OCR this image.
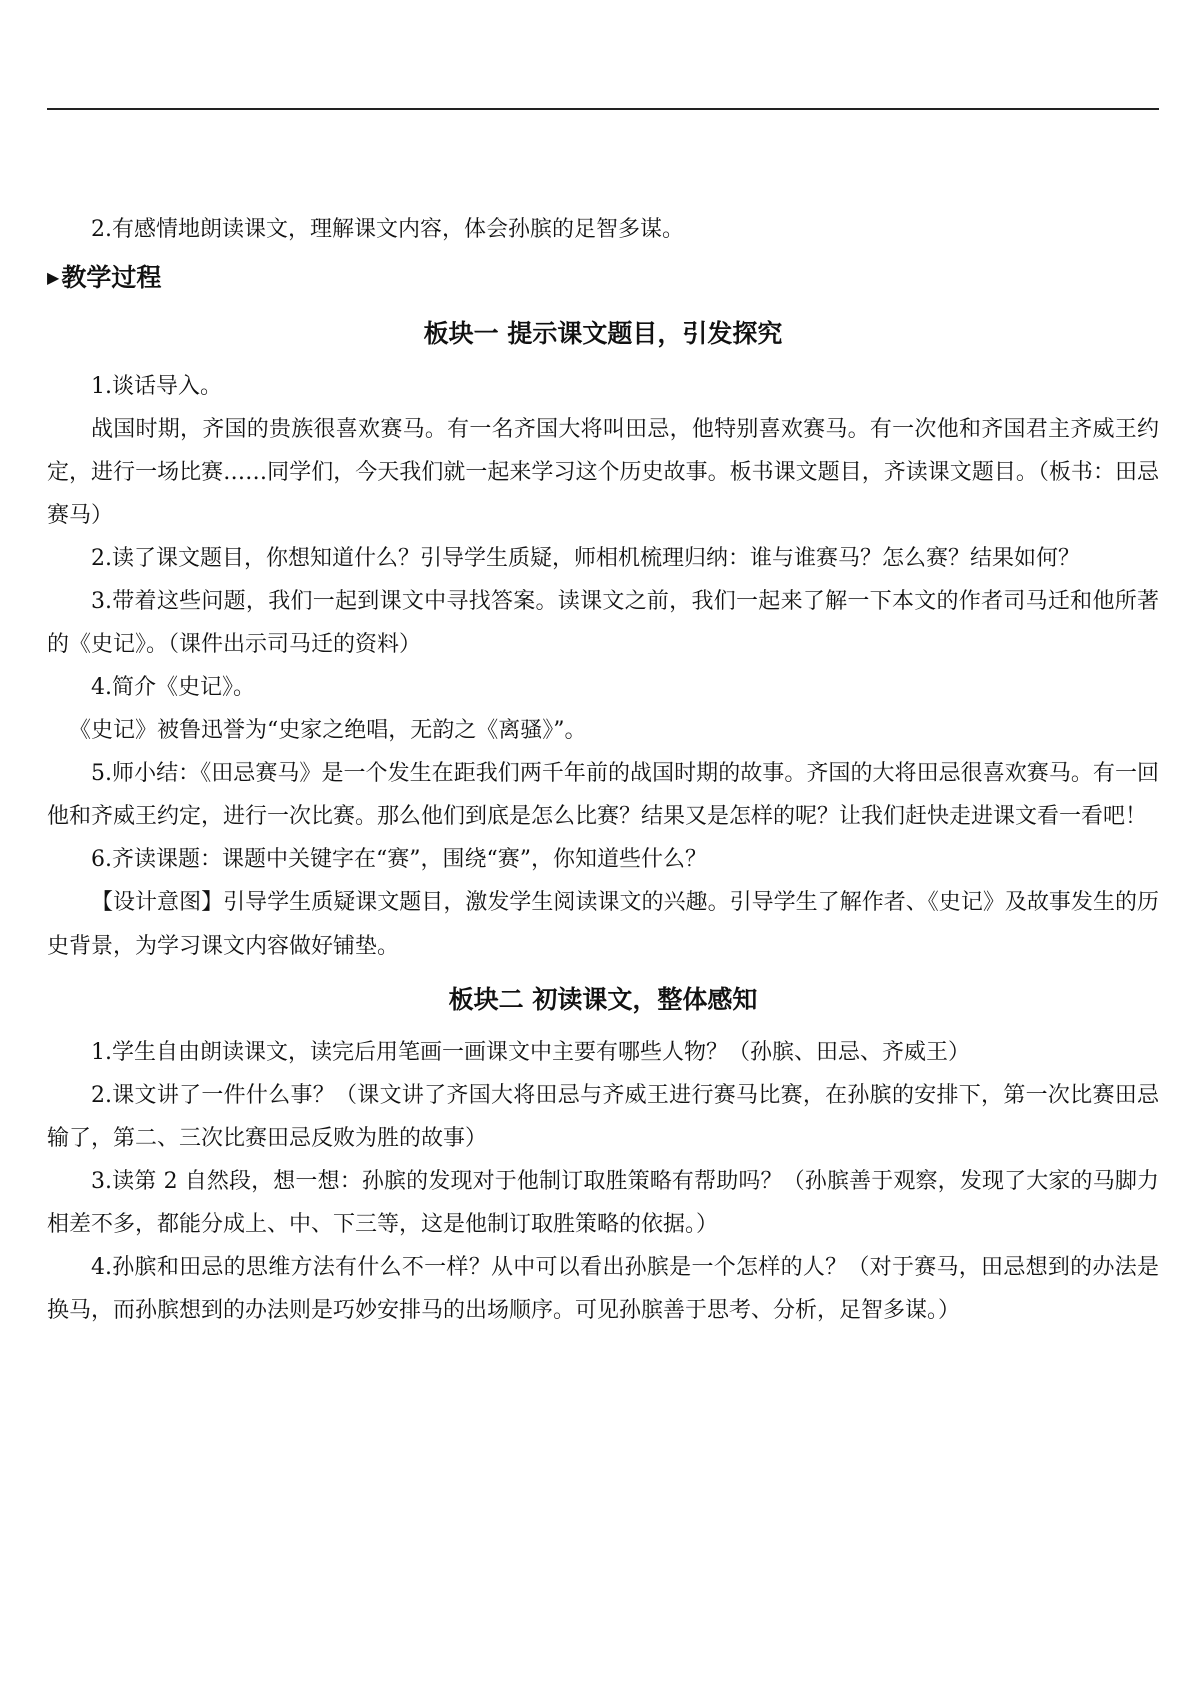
2.有感情地朗读课文，理解课文内容，体会孙膑的足智多谋。

▶教学过程
板块一 提示课文题目，引发探究

1.谈话导入。

战国时期，齐国的贵族很喜欢赛马。有一名齐国大将叫田忌，他特别喜欢赛马。有一次他和齐国君主齐威王约定，进行一场比赛……同学们，今天我们就一起来学习这个历史故事。板书课文题目，齐读课文题目。（板书：田忌赛马）

2.读了课文题目，你想知道什么？引导学生质疑，师相机梳理归纳：谁与谁赛马？怎么赛？结果如何？

3.带着这些问题，我们一起到课文中寻找答案。读课文之前，我们一起来了解一下本文的作者司马迁和他所著的《史记》。（课件出示司马迁的资料）

4.简介《史记》。

《史记》被鲁迅誉为“史家之绝唱，无韵之《离骚》”。

5.师小结：《田忌赛马》是一个发生在距我们两千年前的战国时期的故事。齐国的大将田忌很喜欢赛马。有一回他和齐威王约定，进行一次比赛。那么他们到底是怎么比赛？结果又是怎样的呢？让我们赶快走进课文看一看吧！

6.齐读课题：课题中关键字在“赛”，围绕“赛”，你知道些什么？

【设计意图】引导学生质疑课文题目，激发学生阅读课文的兴趣。引导学生了解作者、《史记》及故事发生的历史背景，为学习课文内容做好铺垫。

板块二 初读课文，整体感知

1.学生自由朗读课文，读完后用笔画一画课文中主要有哪些人物？（孙膑、田忌、齐威王）

2.课文讲了一件什么事？（课文讲了齐国大将田忌与齐威王进行赛马比赛，在孙膑的安排下，第一次比赛田忌输了，第二、三次比赛田忌反败为胜的故事）

3.读第 2 自然段，想一想：孙膑的发现对于他制订取胜策略有帮助吗？（孙膑善于观察，发现了大家的马脚力相差不多，都能分成上、中、下三等，这是他制订取胜策略的依据。）

4.孙膑和田忌的思维方法有什么不一样？从中可以看出孙膑是一个怎样的人？（对于赛马，田忌想到的办法是换马，而孙膑想到的办法则是巧妙安排马的出场顺序。可见孙膑善于思考、分析，足智多谋。）
